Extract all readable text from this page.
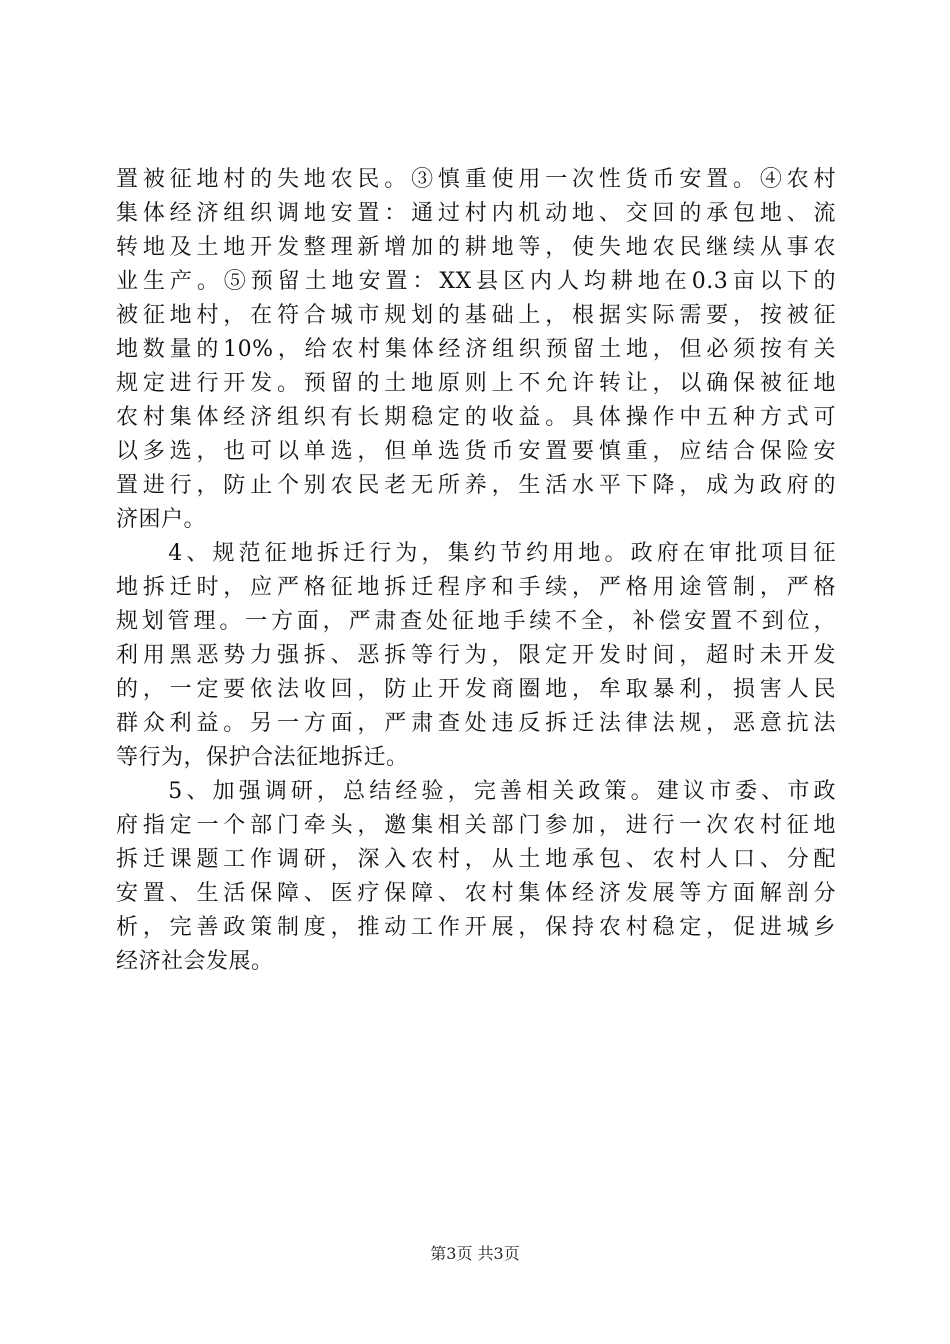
置被征地村的失地农民。③慎重使用一次性货币安置。④农村
集体经济组织调地安置：通过村内机动地、交回的承包地、流
转地及土地开发整理新增加的耕地等，使失地农民继续从事农
业生产。⑤预留土地安置：XX县区内人均耕地在0.3亩以下的
被征地村，在符合城市规划的基础上，根据实际需要，按被征
地数量的10%，给农村集体经济组织预留土地，但必须按有关
规定进行开发。预留的土地原则上不允许转让，以确保被征地
农村集体经济组织有长期稳定的收益。具体操作中五种方式可
以多选，也可以单选，但单选货币安置要慎重，应结合保险安
置进行，防止个别农民老无所养，生活水平下降，成为政府的
济困户。
　　4、规范征地拆迁行为，集约节约用地。政府在审批项目征
地拆迁时，应严格征地拆迁程序和手续，严格用途管制，严格
规划管理。一方面，严肃查处征地手续不全，补偿安置不到位，
利用黑恶势力强拆、恶拆等行为，限定开发时间，超时未开发
的，一定要依法收回，防止开发商圈地，牟取暴利，损害人民
群众利益。另一方面，严肃查处违反拆迁法律法规，恶意抗法
等行为，保护合法征地拆迁。
　　5、加强调研，总结经验，完善相关政策。建议市委、市政
府指定一个部门牵头，邀集相关部门参加，进行一次农村征地
拆迁课题工作调研，深入农村，从土地承包、农村人口、分配
安置、生活保障、医疗保障、农村集体经济发展等方面解剖分
析，完善政策制度，推动工作开展，保持农村稳定，促进城乡
经济社会发展。
第3页 共3页
